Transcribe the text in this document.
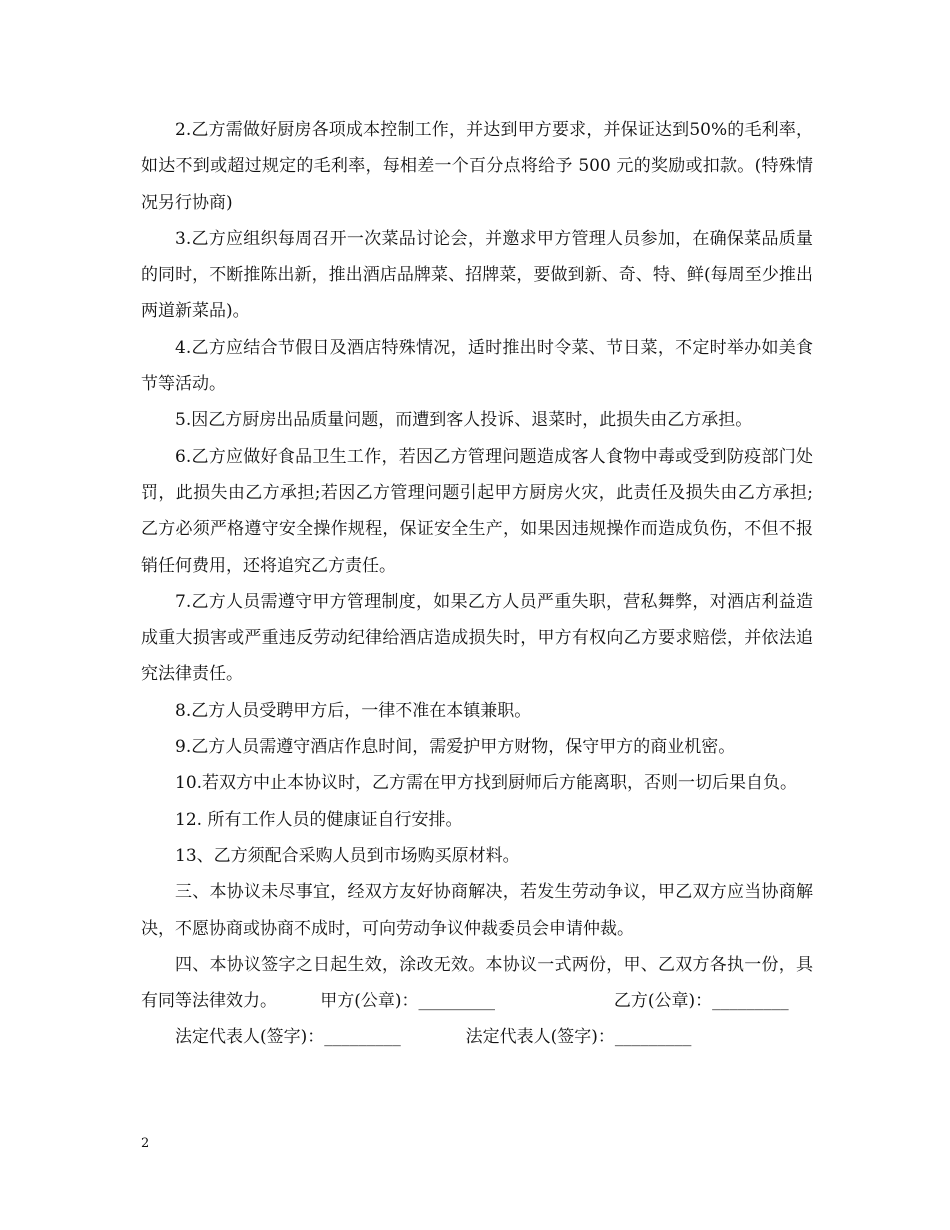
2.乙方需做好厨房各项成本控制工作，并达到甲方要求，并保证达到50%的毛利率，如达不到或超过规定的毛利率，每相差一个百分点将给予 500 元的奖励或扣款。(特殊情况另行协商)

3.乙方应组织每周召开一次菜品讨论会，并邀求甲方管理人员参加，在确保菜品质量的同时，不断推陈出新，推出酒店品牌菜、招牌菜，要做到新、奇、特、鲜(每周至少推出两道新菜品)。

4.乙方应结合节假日及酒店特殊情况，适时推出时令菜、节日菜，不定时举办如美食节等活动。

5.因乙方厨房出品质量问题，而遭到客人投诉、退菜时，此损失由乙方承担。

6.乙方应做好食品卫生工作，若因乙方管理问题造成客人食物中毒或受到防疫部门处罚，此损失由乙方承担;若因乙方管理问题引起甲方厨房火灾，此责任及损失由乙方承担;乙方必须严格遵守安全操作规程，保证安全生产，如果因违规操作而造成负伤，不但不报销任何费用，还将追究乙方责任。

7.乙方人员需遵守甲方管理制度，如果乙方人员严重失职，营私舞弊，对酒店利益造成重大损害或严重违反劳动纪律给酒店造成损失时，甲方有权向乙方要求赔偿，并依法追究法律责任。

8.乙方人员受聘甲方后，一律不准在本镇兼职。

9.乙方人员需遵守酒店作息时间，需爱护甲方财物，保守甲方的商业机密。

10.若双方中止本协议时，乙方需在甲方找到厨师后方能离职，否则一切后果自负。

12. 所有工作人员的健康证自行安排。

13、乙方须配合采购人员到市场购买原材料。

三、本协议未尽事宜，经双方友好协商解决，若发生劳动争议，甲乙双方应当协商解决，不愿协商或协商不成时，可向劳动争议仲裁委员会申请仲裁。

四、本协议签字之日起生效，涂改无效。本协议一式两份，甲、乙双方各执一份，具有同等法律效力。        甲方(公章)：_________                      乙方(公章)：_________

法定代表人(签字)：_________            法定代表人(签字)：_________

2
